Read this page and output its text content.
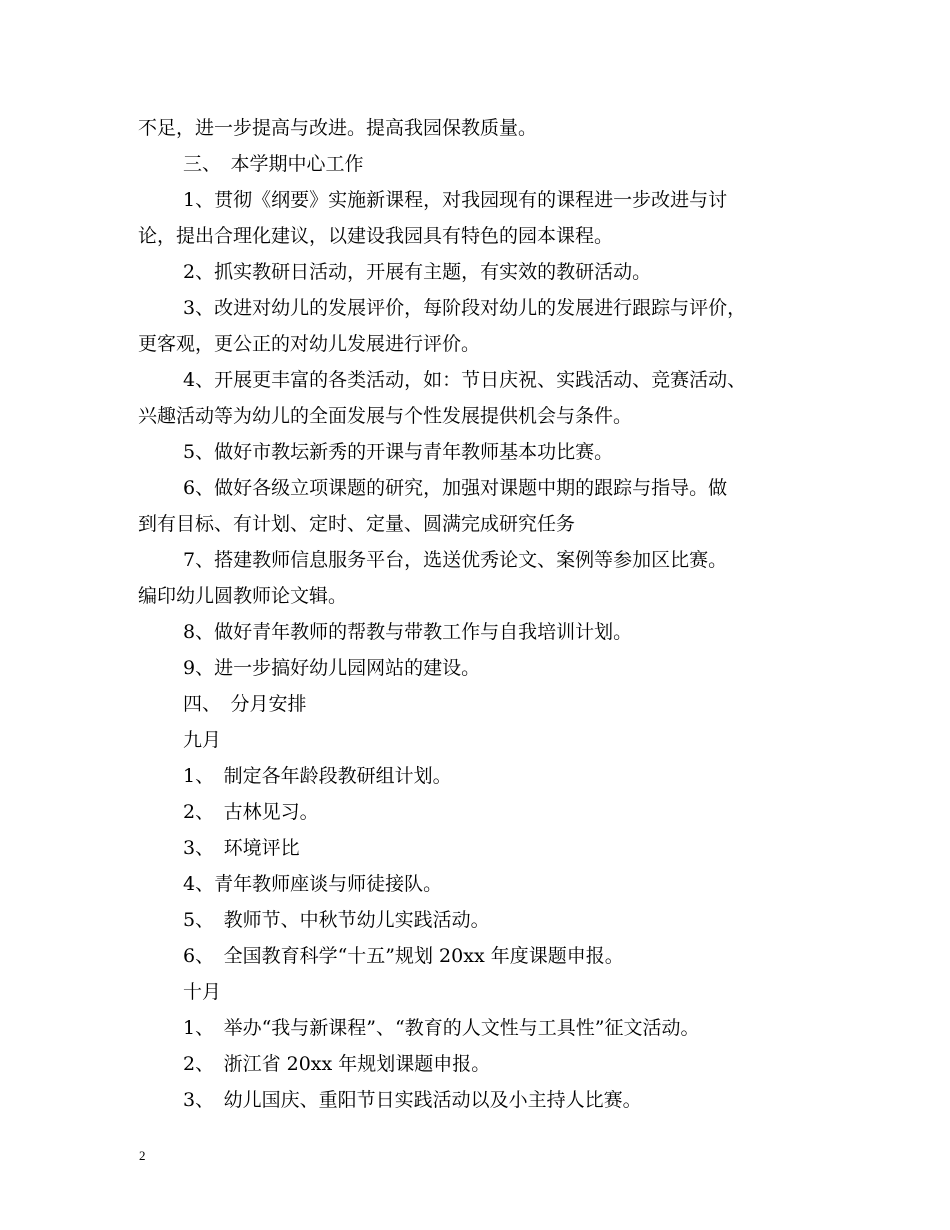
不足，进一步提高与改进。提高我园保教质量。

三、　本学期中心工作

1、贯彻《纲要》实施新课程，对我园现有的课程进一步改进与讨

论，提出合理化建议，以建设我园具有特色的园本课程。

2、抓实教研日活动，开展有主题，有实效的教研活动。

3、改进对幼儿的发展评价，每阶段对幼儿的发展进行跟踪与评价，

更客观，更公正的对幼儿发展进行评价。

4、开展更丰富的各类活动，如：节日庆祝、实践活动、竞赛活动、

兴趣活动等为幼儿的全面发展与个性发展提供机会与条件。

5、做好市教坛新秀的开课与青年教师基本功比赛。

6、做好各级立项课题的研究，加强对课题中期的跟踪与指导。做

到有目标、有计划、定时、定量、圆满完成研究任务

7、搭建教师信息服务平台，选送优秀论文、案例等参加区比赛。

编印幼儿圆教师论文辑。

8、做好青年教师的帮教与带教工作与自我培训计划。

9、进一步搞好幼儿园网站的建设。

四、　分月安排

九月

1、　制定各年龄段教研组计划。

2、　古林见习。

3、　环境评比

4、青年教师座谈与师徒接队。

5、　教师节、中秋节幼儿实践活动。

6、　全国教育科学“十五”规划 20xx 年度课题申报。

十月

1、　举办“我与新课程”、“教育的人文性与工具性”征文活动。

2、　浙江省 20xx 年规划课题申报。

3、　幼儿国庆、重阳节日实践活动以及小主持人比赛。

2
